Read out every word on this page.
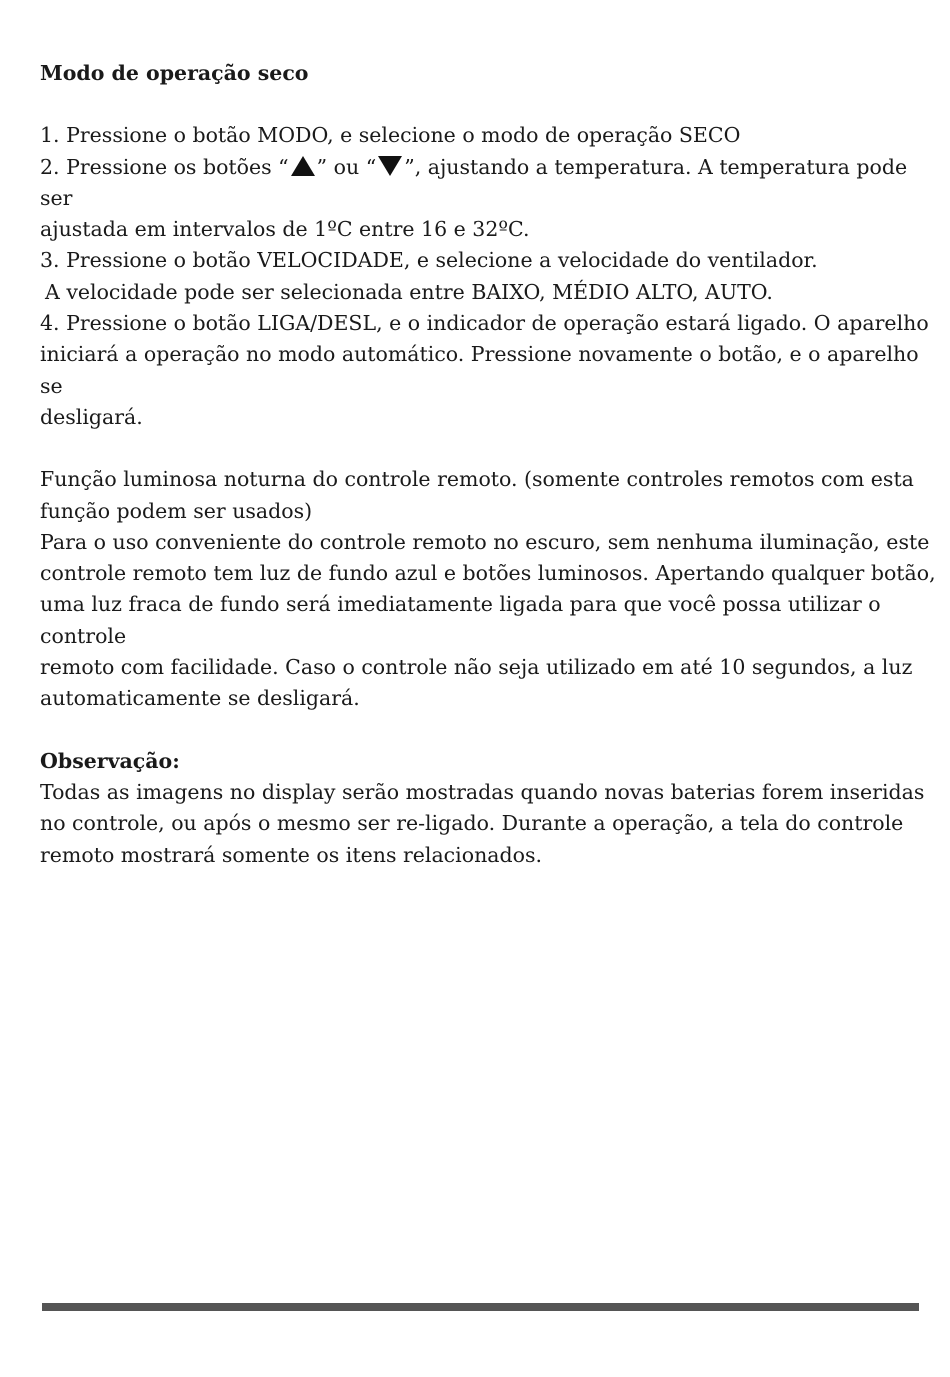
Modo de operação seco

1. Pressione o botão MODO, e selecione o modo de operação SECO

2. Pressione os botões “ ” ou “ ”, ajustando a temperatura. A temperatura pode ser

ajustada em intervalos de 1ºC entre 16 e 32ºC.

3. Pressione o botão VELOCIDADE, e selecione a velocidade do ventilador.

A velocidade pode ser selecionada entre BAIXO, MÉDIO ALTO, AUTO.

4. Pressione o botão LIGA/DESL, e o indicador de operação estará ligado. O aparelho

iniciará a operação no modo automático. Pressione novamente o botão, e o aparelho se

desligará.

Função luminosa noturna do controle remoto. (somente controles remotos com esta

função podem ser usados)

Para o uso conveniente do controle remoto no escuro, sem nenhuma iluminação, este

controle remoto tem luz de fundo azul e botões luminosos. Apertando qualquer botão,

uma luz fraca de fundo será imediatamente ligada para que você possa utilizar o controle

remoto com facilidade. Caso o controle não seja utilizado em até 10 segundos, a luz

automaticamente se desligará.

Observação:

Todas as imagens no display serão mostradas quando novas baterias forem inseridas

no controle, ou após o mesmo ser re-ligado. Durante a operação, a tela do controle

remoto mostrará somente os itens relacionados.
